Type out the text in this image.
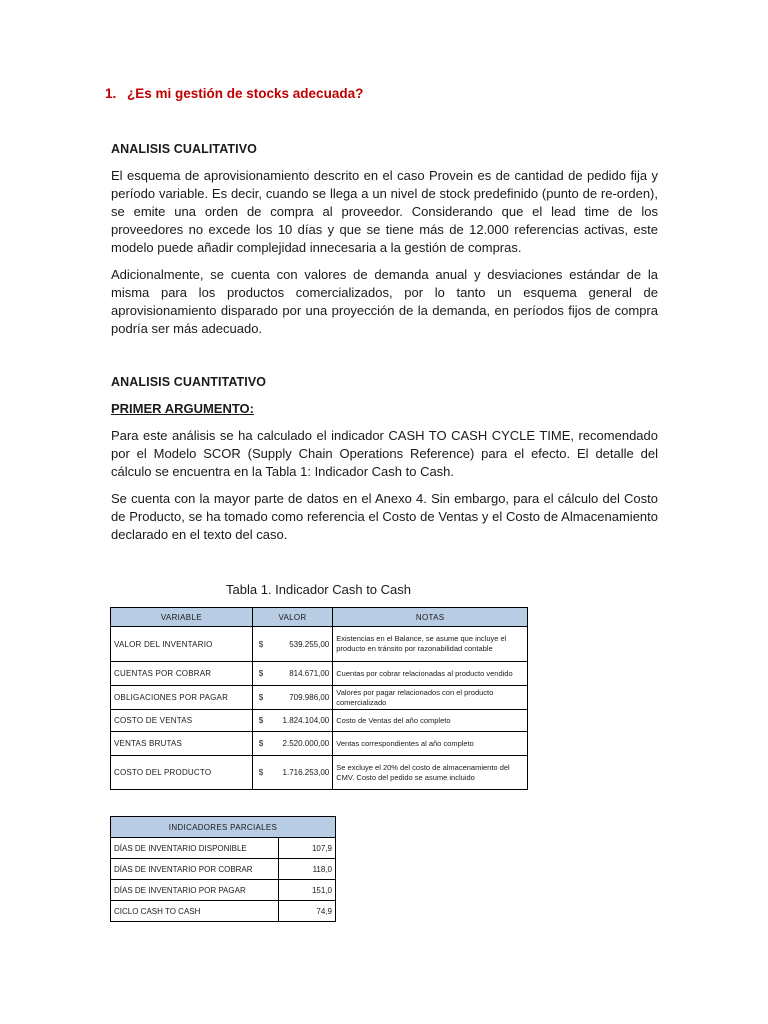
1. ¿Es mi gestión de stocks adecuada?
ANALISIS CUALITATIVO

El esquema de aprovisionamiento descrito en el caso Provein es de cantidad de pedido fija y período variable. Es decir, cuando se llega a un nivel de stock predefinido (punto de re-orden), se emite una orden de compra al proveedor. Considerando que el lead time de los proveedores no excede los 10 días y que se tiene más de 12.000 referencias activas, este modelo puede añadir complejidad innecesaria a la gestión de compras.

Adicionalmente, se cuenta con valores de demanda anual y desviaciones estándar de la misma para los productos comercializados, por lo tanto un esquema general de aprovisionamiento disparado por una proyección de la demanda, en períodos fijos de compra podría ser más adecuado.

ANALISIS CUANTITATIVO
PRIMER ARGUMENTO:

Para este análisis se ha calculado el indicador CASH TO CASH CYCLE TIME, recomendado por el Modelo SCOR (Supply Chain Operations Reference) para el efecto. El detalle del cálculo se encuentra en la Tabla 1: Indicador Cash to Cash.

Se cuenta con la mayor parte de datos en el Anexo 4. Sin embargo, para el cálculo del Costo de Producto, se ha tomado como referencia el Costo de Ventas y el Costo de Almacenamiento declarado en el texto del caso.

Tabla 1. Indicador Cash to Cash
VARIABLE	VALOR	NOTAS
VALOR DEL INVENTARIO	$ 539.255,00	Existencias en el Balance, se asume que incluye el producto en tránsito por razonabilidad contable
CUENTAS POR COBRAR	$ 814.671,00	Cuentas por cobrar relacionadas al producto vendido
OBLIGACIONES POR PAGAR	$ 709.986,00	Valores por pagar relacionados con el producto comercializado
COSTO DE VENTAS	$ 1.824.104,00	Costo de Ventas del año completo
VENTAS BRUTAS	$ 2.520.000,00	Ventas correspondientes al año completo
COSTO DEL PRODUCTO	$ 1.716.253,00	Se excluye el 20% del costo de almacenamiento del CMV. Costo del pedido se asume incluido
INDICADORES PARCIALES	
DÍAS DE INVENTARIO DISPONIBLE	107,9
DÍAS DE INVENTARIO POR COBRAR	118,0
DÍAS DE INVENTARIO POR PAGAR	151,0
CICLO CASH TO CASH	74,9
